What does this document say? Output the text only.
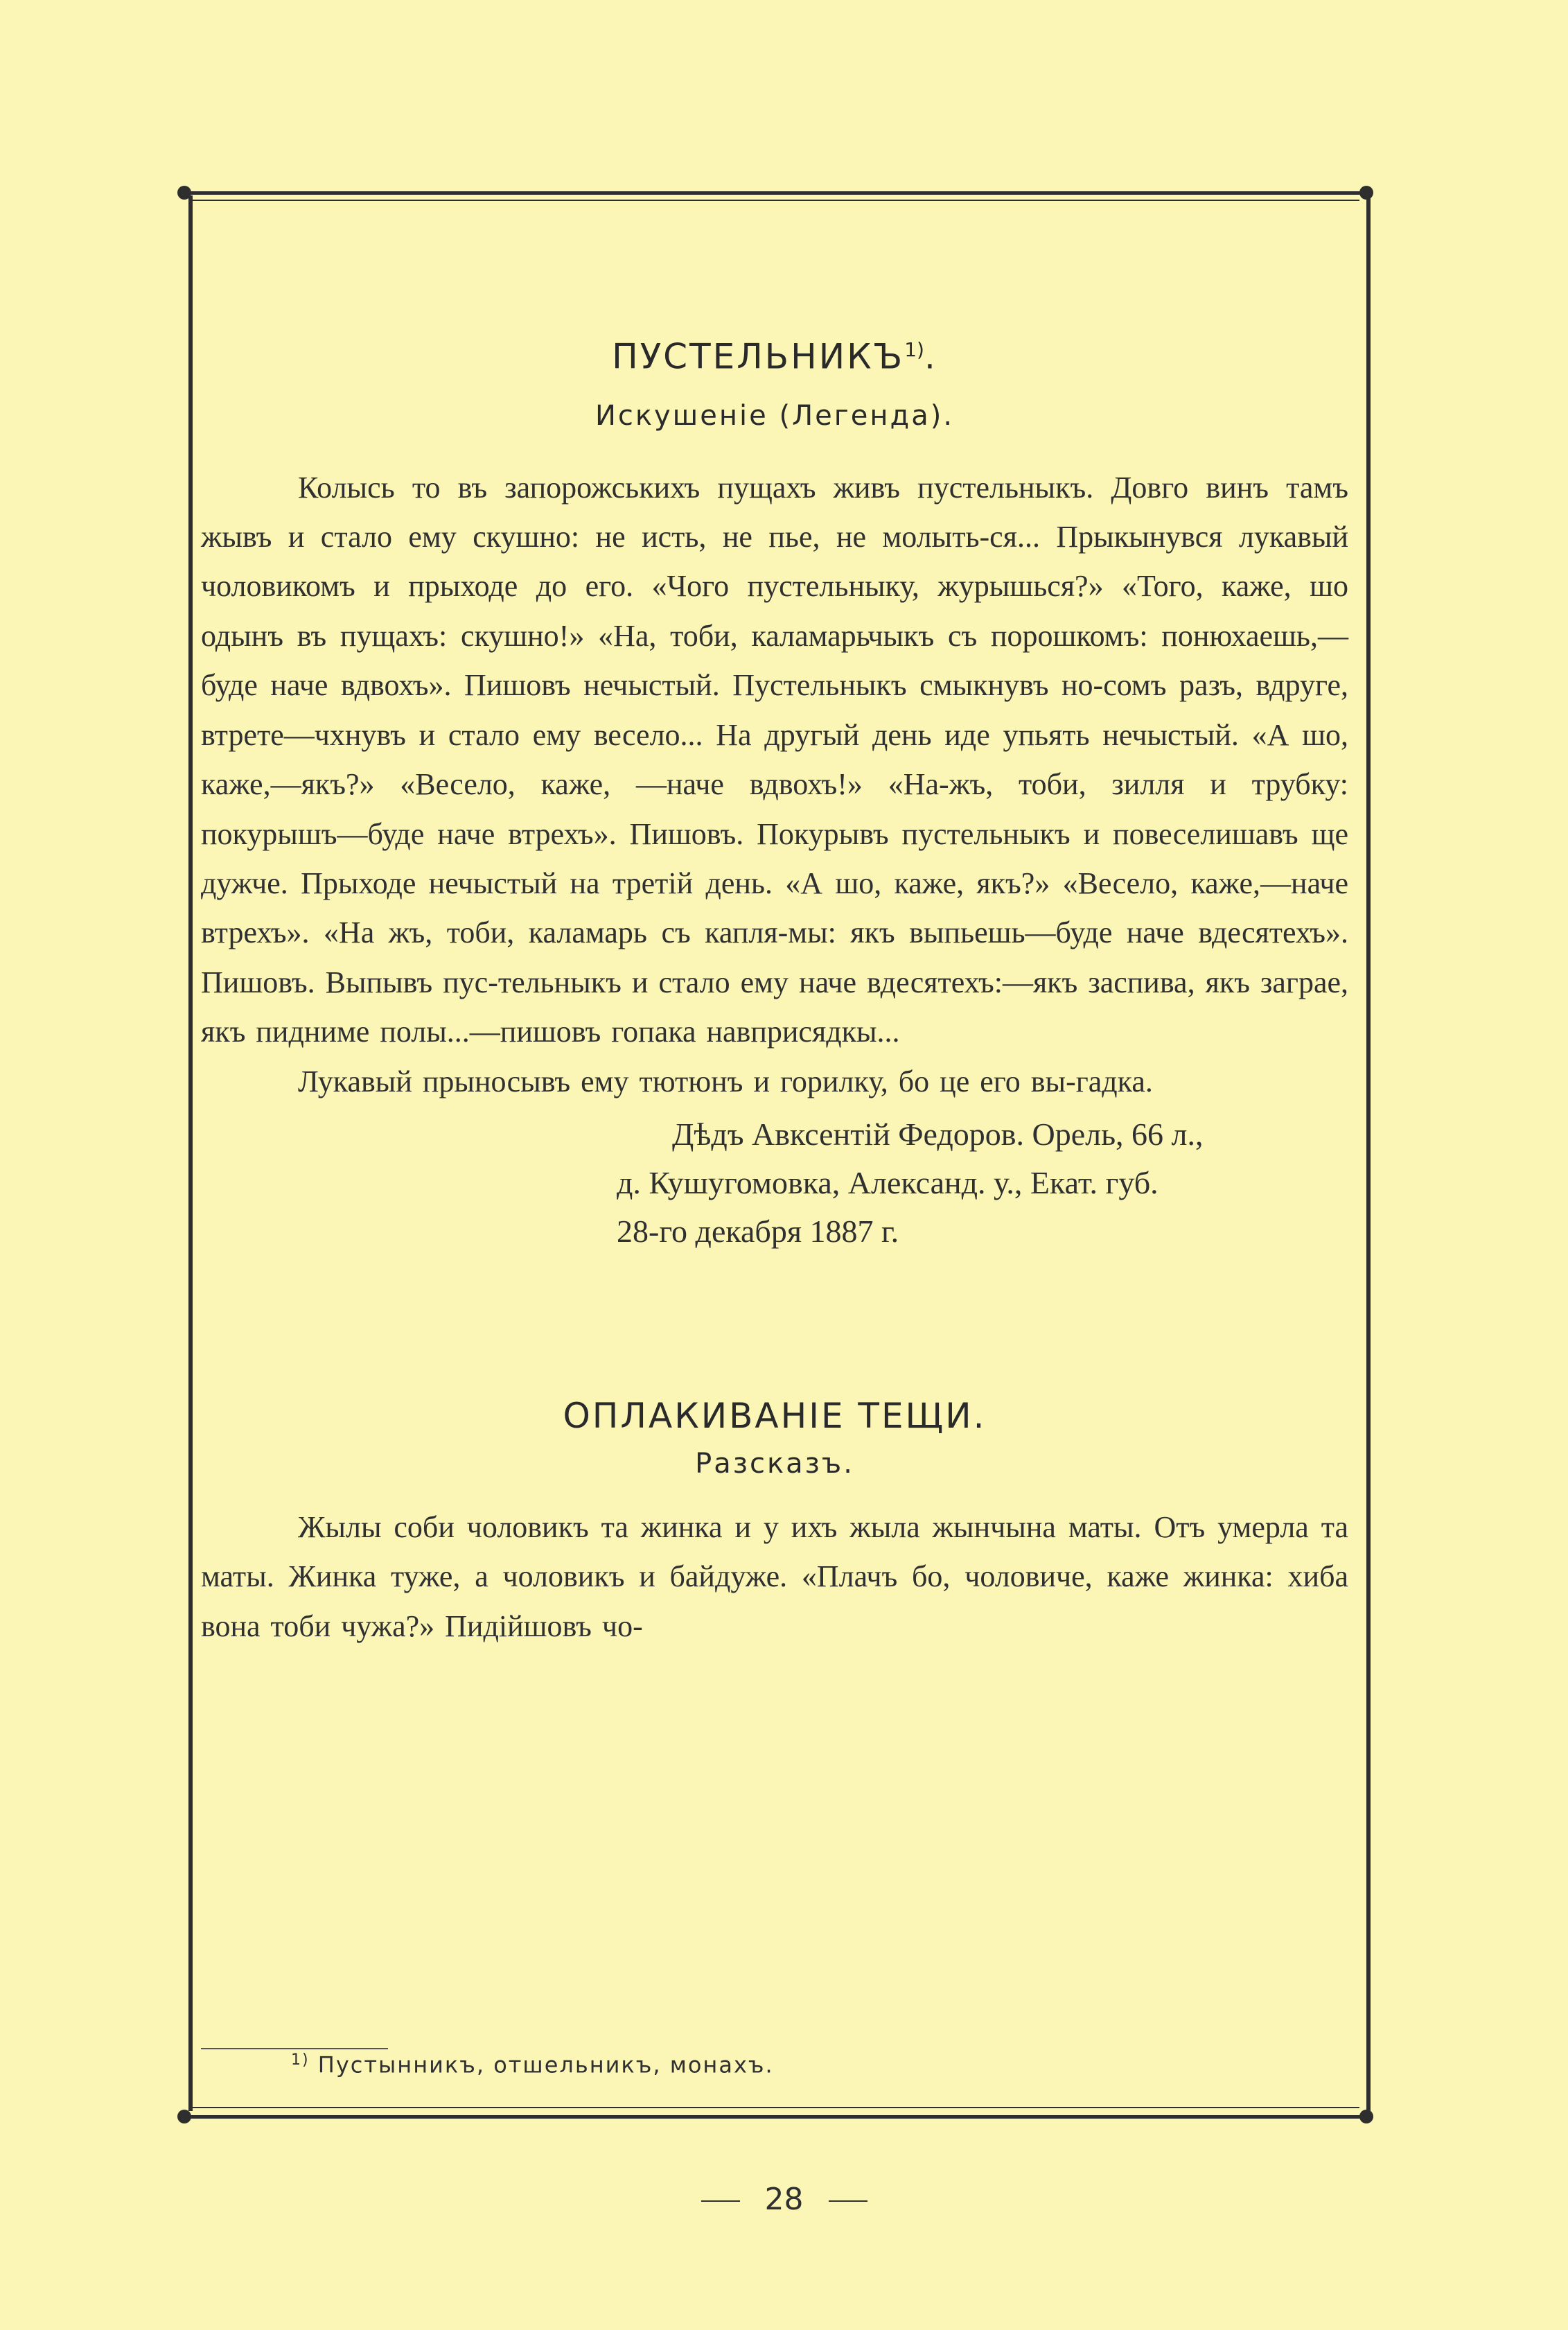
ПУСТЕЛЬНИКЪ$^{1)}$.
Искушеніе (Легенда).

Колысь то въ запорожськихъ пущахъ живъ пустельныкъ. Довго винъ тамъ жывъ и стало ему скушно: не исть, не пье, не молыть-ся... Прыкынувся лукавый чоловикомъ и прыходе до его. «Чого пустельныку, журышься?» «Того, каже, шо одынъ въ пущахъ: скушно!» «На, тоби, каламарьчыкъ съ порошкомъ: понюхаешь,— буде наче вдвохъ». Пишовъ нечыстый. Пустельныкъ смыкнувъ но-сомъ разъ, вдруге, втрете—чхнувъ и стало ему весело... На другый день иде упьять нечыстый. «А шо, каже,—якъ?» «Весело, каже, —наче вдвохъ!» «На-жъ, тоби, зилля и трубку: покурышъ—буде наче втрехъ». Пишовъ. Покурывъ пустельныкъ и повеселишавъ ще дужче. Прыходе нечыстый на третій день. «А шо, каже, якъ?» «Весело, каже,—наче втрехъ». «На жъ, тоби, каламарь съ капля-мы: якъ выпьешь—буде наче вдесятехъ». Пишовъ. Выпывъ пус-тельныкъ и стало ему наче вдесятехъ:—якъ заспива, якъ заграе, якъ пидниме полы...—пишовъ гопака навприсядкы...

Лукавый прыносывъ ему тютюнъ и горилку, бо це его вы-гадка.

Дѣдъ Авксентій Федоров. Орель, 66 л.,
д. Кушугомовка, Александ. у., Екат. губ.
28-го декабря 1887 г.
ОПЛАКИВАНІЕ ТЕЩИ.
Разсказъ.

Жылы соби чоловикъ та жинка и у ихъ жыла жынчына маты. Отъ умерла та маты. Жинка туже, а чоловикъ и байдуже. «Плачъ бо, чоловиче, каже жинка: хиба вона тоби чужа?» Пидійшовъ чо-

$^{1)}$ Пустынникъ, отшельникъ, монахъ.
28
